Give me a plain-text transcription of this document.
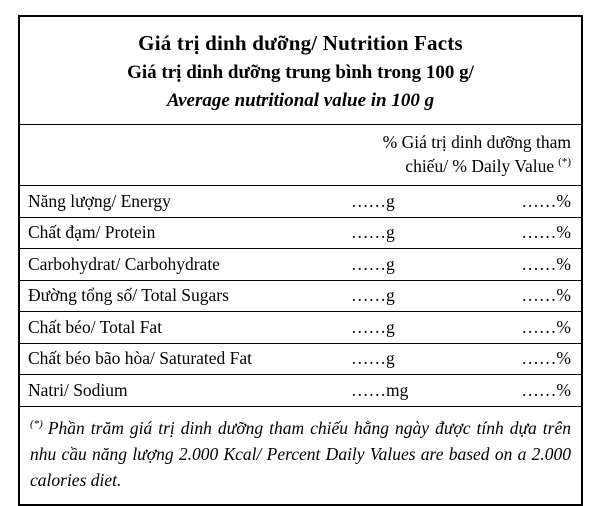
Giá trị dinh dưỡng/ Nutrition Facts
Giá trị dinh dưỡng trung bình trong 100 g/
Average nutritional value in 100 g
% Giá trị dinh dưỡng tham
chiếu/ % Daily Value (*)
Năng lượng/ Energy	……g	……%
Chất đạm/ Protein	……g	……%
Carbohydrat/ Carbohydrate	……g	……%
Đường tổng số/ Total Sugars	……g	……%
Chất béo/ Total Fat	……g	……%
Chất béo bão hòa/ Saturated Fat	……g	……%
Natri/ Sodium	……mg	……%
(*) Phần trăm giá trị dinh dưỡng tham chiếu hằng ngày được tính dựa trên nhu cầu năng lượng 2.000 Kcal/ Percent Daily Values are based on a 2.000 calories diet.
